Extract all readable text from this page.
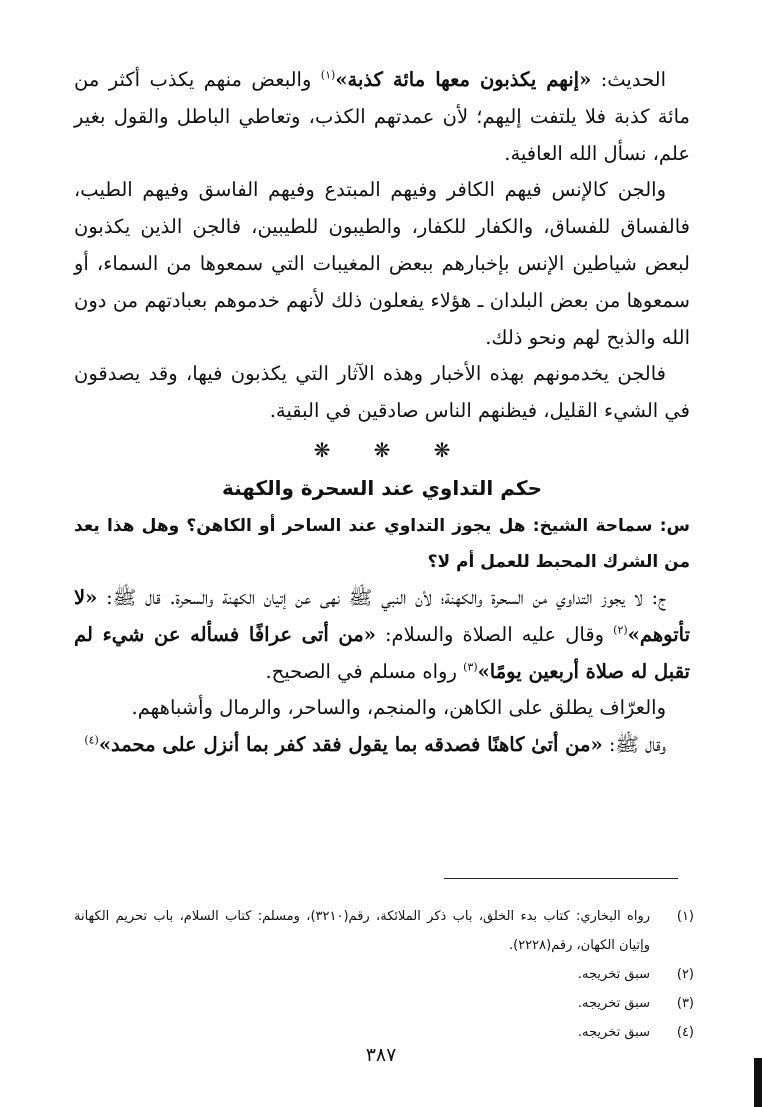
الحديث: «إنهم يكذبون معها مائة كذبة»$^{(١)}$ والبعض منهم يكذب أكثر من مائة كذبة فلا يلتفت إليهم؛ لأن عمدتهم الكذب، وتعاطي الباطل والقول بغير علم، نسأل الله العافية.

والجن كالإنس فيهم الكافر وفيهم المبتدع وفيهم الفاسق وفيهم الطيب، فالفساق للفساق، والكفار للكفار، والطيبون للطيبين، فالجن الذين يكذبون لبعض شياطين الإنس بإخبارهم ببعض المغيبات التي سمعوها من السماء، أو سمعوها من بعض البلدان ـ هؤلاء يفعلون ذلك لأنهم خدموهم بعبادتهم من دون الله والذبح لهم ونحو ذلك.

فالجن يخدمونهم بهذه الأخبار وهذه الآثار التي يكذبون فيها، وقد يصدقون في الشيء القليل، فيظنهم الناس صادقين في البقية.

❋ ❋ ❋
حكم التداوي عند السحرة والكهنة

س: سماحة الشيخ: هل يجوز التداوي عند الساحر أو الكاهن؟ وهل هذا يعد من الشرك المحبط للعمل أم لا؟

ج: لا يجوز التداوي من السحرة والكهنة؛ لأن النبي ﷺ نهى عن إتيان الكهنة والسحرة. قال ﷺ: «لا تأتوهم»$^{(٢)}$ وقال عليه الصلاة والسلام: «من أتى عرافًا فسأله عن شيء لم تقبل له صلاة أربعين يومًا»$^{(٣)}$ رواه مسلم في الصحيح.

والعرّاف يطلق على الكاهن، والمنجم، والساحر، والرمال وأشباههم.

وقال ﷺ: «من أتىٰ كاهنًا فصدقه بما يقول فقد كفر بما أنزل على محمد»$^{(٤)}$

(١)
رواه البخاري: كتاب بدء الخلق، باب ذكر الملائكة، رقم(٣٢١٠)، ومسلم: كتاب السلام، باب تحريم الكهانة وإتيان الكهان، رقم(٢٢٢٨).
(٢)
سبق تخريجه.
(٣)
سبق تخريجه.
(٤)
سبق تخريجه.
٣٨٧
